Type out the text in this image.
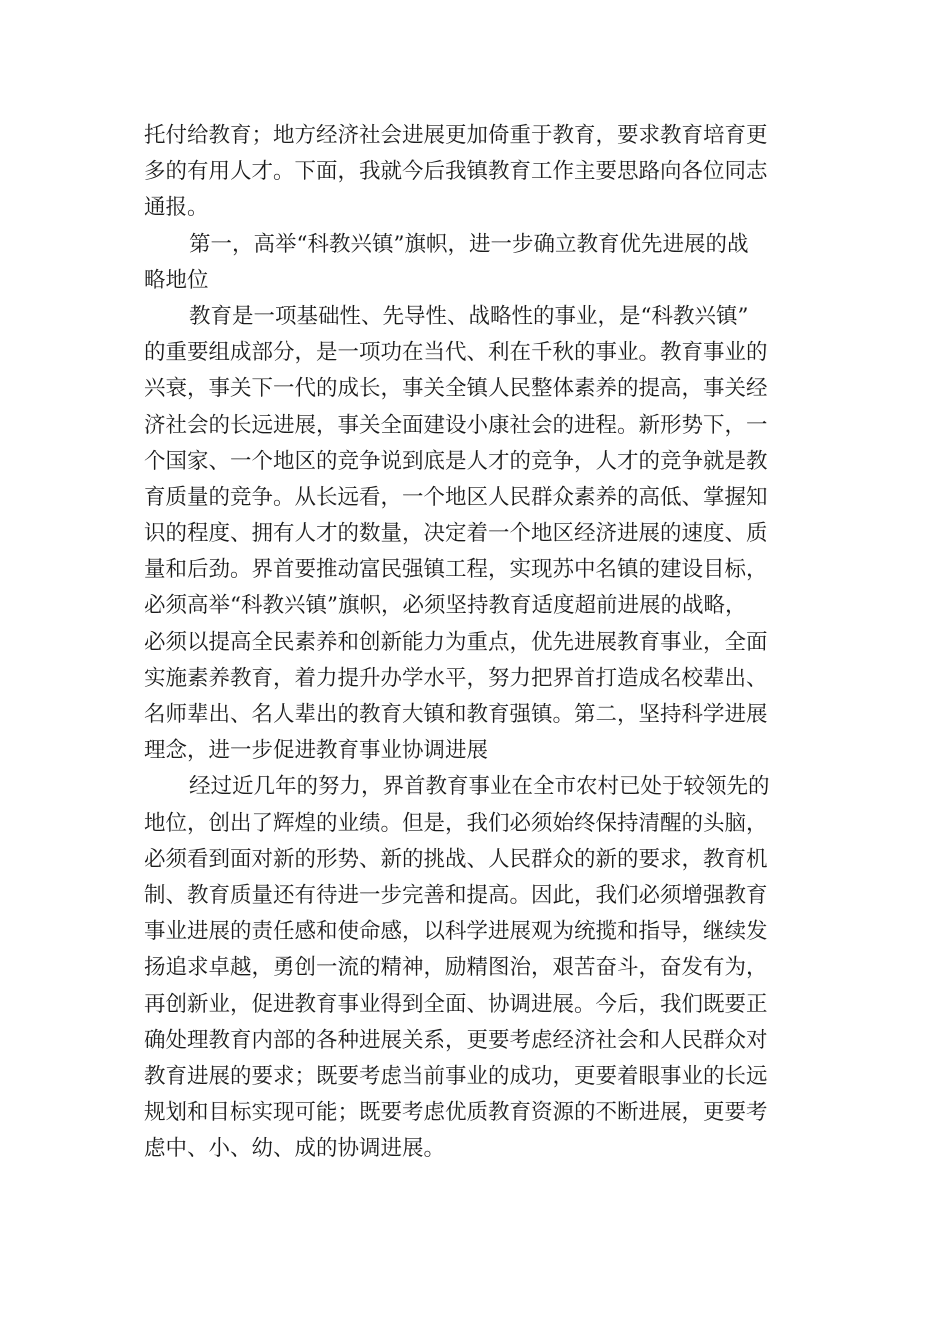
托付给教育；地方经济社会进展更加倚重于教育，要求教育培育更
多的有用人才。下面，我就今后我镇教育工作主要思路向各位同志
通报。
第一，高举“科教兴镇”旗帜，进一步确立教育优先进展的战
略地位
教育是一项基础性、先导性、战略性的事业，是“科教兴镇”
的重要组成部分，是一项功在当代、利在千秋的事业。教育事业的
兴衰，事关下一代的成长，事关全镇人民整体素养的提高，事关经
济社会的长远进展，事关全面建设小康社会的进程。新形势下，一
个国家、一个地区的竞争说到底是人才的竞争，人才的竞争就是教
育质量的竞争。从长远看，一个地区人民群众素养的高低、掌握知
识的程度、拥有人才的数量，决定着一个地区经济进展的速度、质
量和后劲。界首要推动富民强镇工程，实现苏中名镇的建设目标，
必须高举“科教兴镇”旗帜，必须坚持教育适度超前进展的战略，
必须以提高全民素养和创新能力为重点，优先进展教育事业，全面
实施素养教育，着力提升办学水平，努力把界首打造成名校辈出、
名师辈出、名人辈出的教育大镇和教育强镇。第二，坚持科学进展
理念，进一步促进教育事业协调进展
经过近几年的努力，界首教育事业在全市农村已处于较领先的
地位，创出了辉煌的业绩。但是，我们必须始终保持清醒的头脑，
必须看到面对新的形势、新的挑战、人民群众的新的要求，教育机
制、教育质量还有待进一步完善和提高。因此，我们必须增强教育
事业进展的责任感和使命感，以科学进展观为统揽和指导，继续发
扬追求卓越，勇创一流的精神，励精图治，艰苦奋斗，奋发有为，
再创新业，促进教育事业得到全面、协调进展。今后，我们既要正
确处理教育内部的各种进展关系，更要考虑经济社会和人民群众对
教育进展的要求；既要考虑当前事业的成功，更要着眼事业的长远
规划和目标实现可能；既要考虑优质教育资源的不断进展，更要考
虑中、小、幼、成的协调进展。
